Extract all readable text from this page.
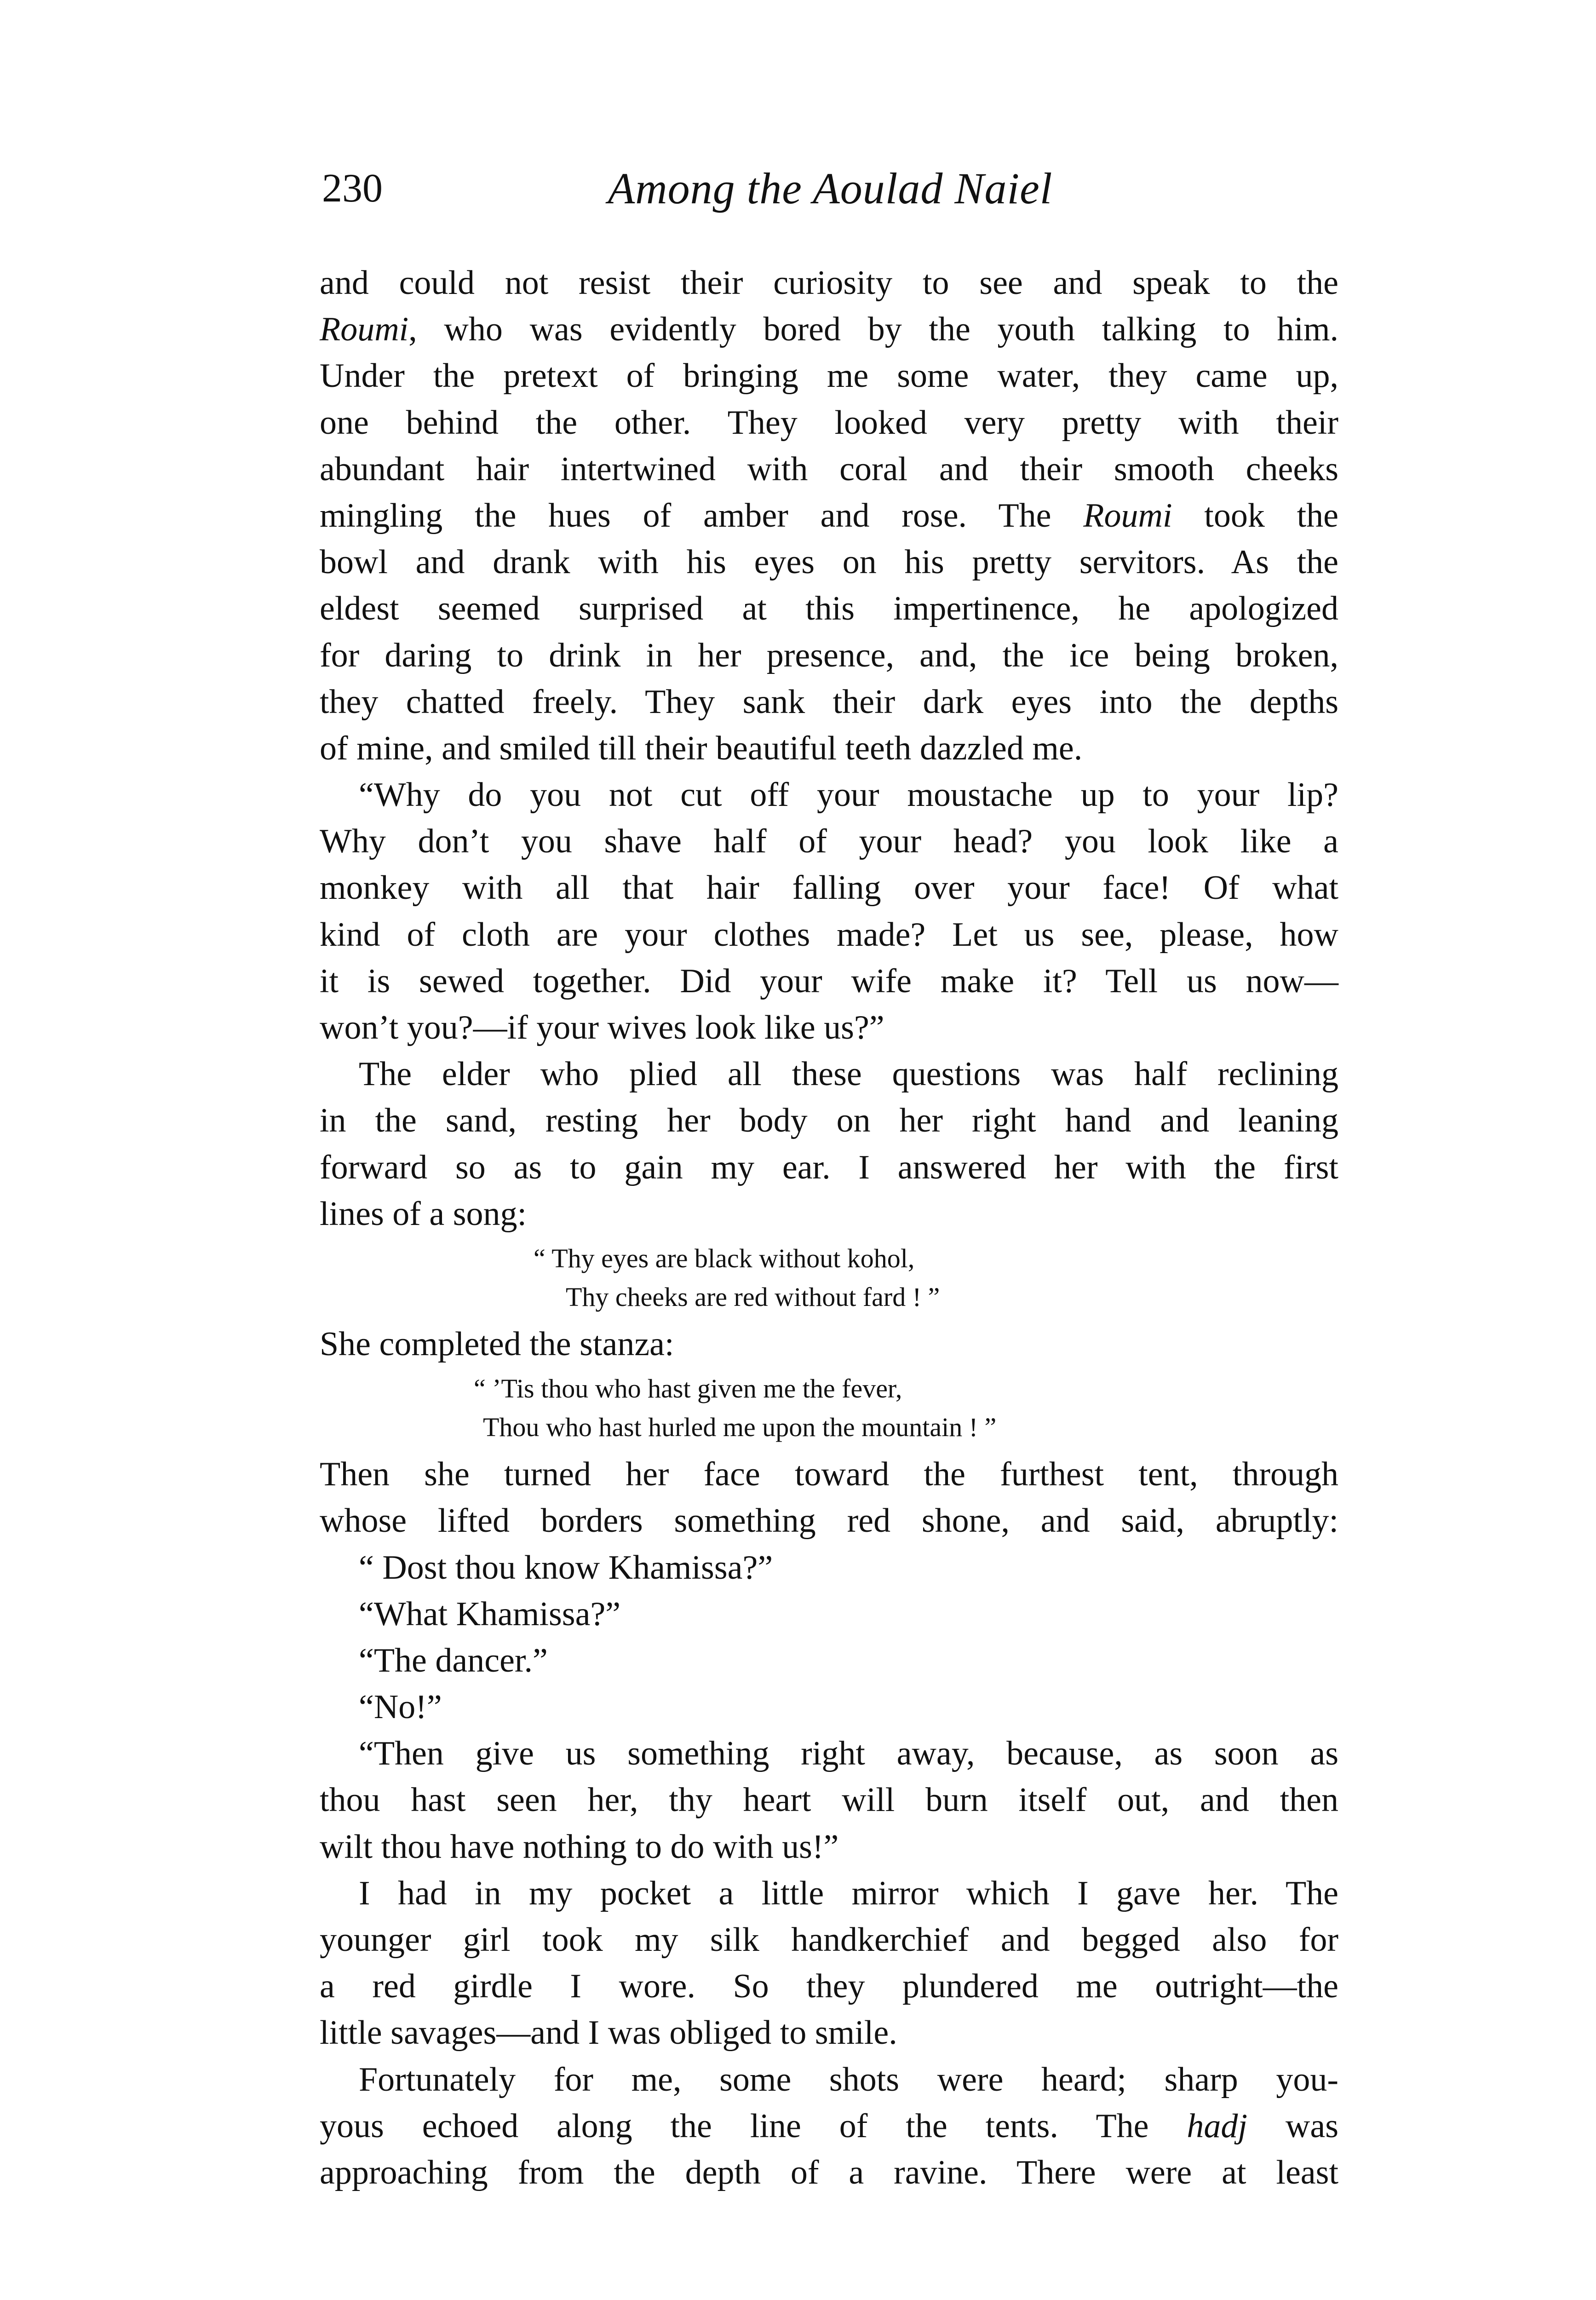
230	Among the Aoulad Naiel
and could not resist their curiosity to see and speak to the
Roumi, who was evidently bored by the youth talking to him.
Under the pretext of bringing me some water, they came up,
one behind the other. They looked very pretty with their
abundant hair intertwined with coral and their smooth cheeks
mingling the hues of amber and rose. The Roumi took the
bowl and drank with his eyes on his pretty servitors. As the
eldest seemed surprised at this impertinence, he apologized
for daring to drink in her presence, and, the ice being broken,
they chatted freely. They sank their dark eyes into the depths
of mine, and smiled till their beautiful teeth dazzled me.
“Why do you not cut off your moustache up to your lip?
Why don’t you shave half of your head? you look like a
monkey with all that hair falling over your face! Of what
kind of cloth are your clothes made? Let us see, please, how
it is sewed together. Did your wife make it? Tell us now—
won’t you?—if your wives look like us?”
The elder who plied all these questions was half reclining
in the sand, resting her body on her right hand and leaning
forward so as to gain my ear. I answered her with the first
lines of a song:
“ Thy eyes are black without kohol,
Thy cheeks are red without fard ! ”
She completed the stanza:
“ ’Tis thou who hast given me the fever,
Thou who hast hurled me upon the mountain ! ”
Then she turned her face toward the furthest tent, through
whose lifted borders something red shone, and said, abruptly:
“ Dost thou know Khamissa?”
“What Khamissa?”
“The dancer.”
“No!”
“Then give us something right away, because, as soon as
thou hast seen her, thy heart will burn itself out, and then
wilt thou have nothing to do with us!”
I had in my pocket a little mirror which I gave her. The
younger girl took my silk handkerchief and begged also for
a red girdle I wore. So they plundered me outright—the
little savages—and I was obliged to smile.
Fortunately for me, some shots were heard; sharp you-
yous echoed along the line of the tents. The hadj was
approaching from the depth of a ravine. There were at least
